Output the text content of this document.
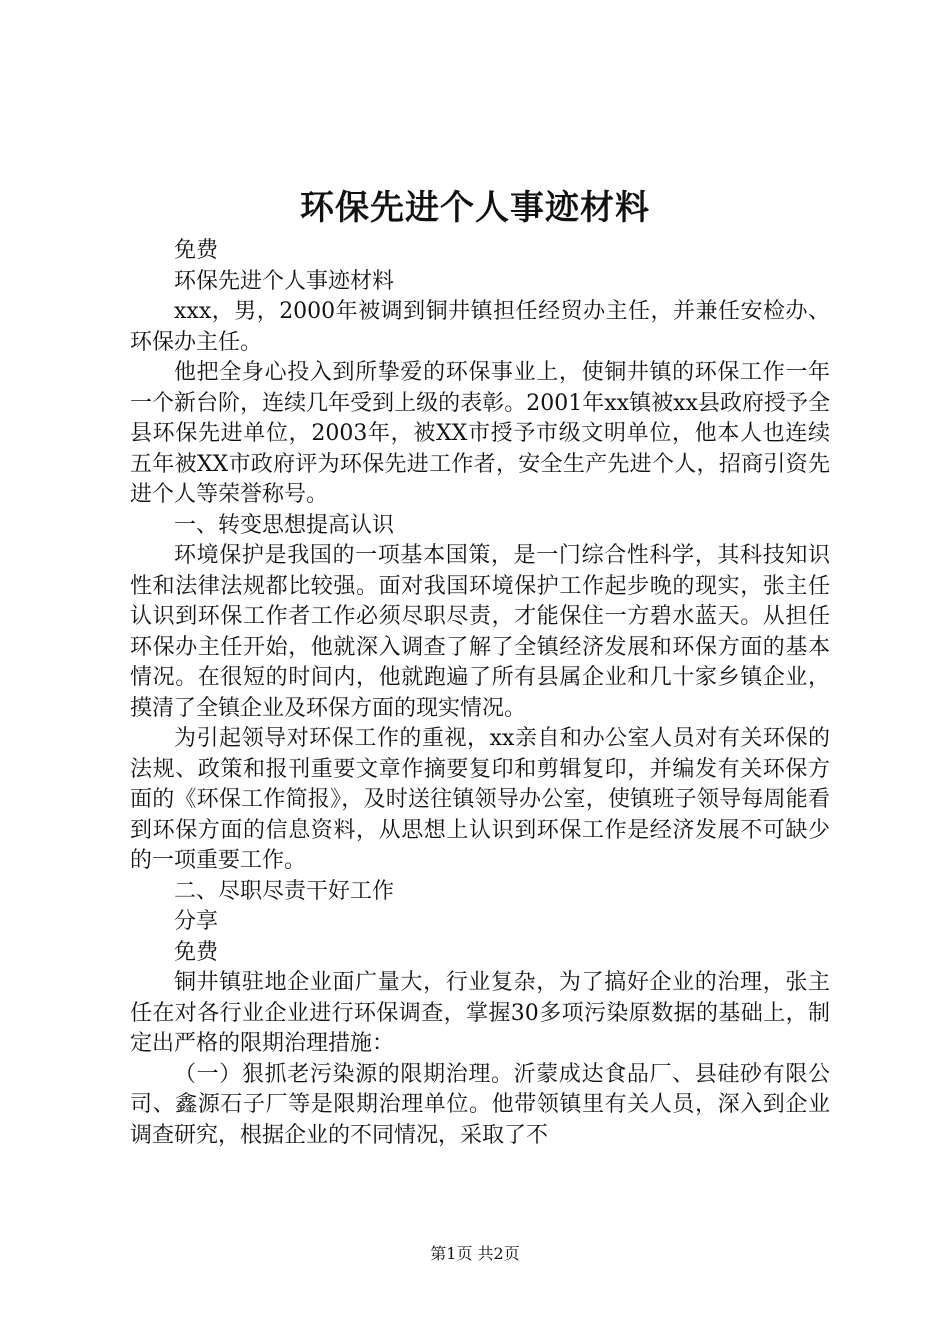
环保先进个人事迹材料

免费

环保先进个人事迹材料

xxx，男，2000年被调到铜井镇担任经贸办主任，并兼任安检办、环保办主任。

他把全身心投入到所挚爱的环保事业上，使铜井镇的环保工作一年一个新台阶，连续几年受到上级的表彰。2001年xx镇被xx县政府授予全县环保先进单位，2003年，被XX市授予市级文明单位，他本人也连续五年被XX市政府评为环保先进工作者，安全生产先进个人，招商引资先进个人等荣誉称号。

一、转变思想提高认识

环境保护是我国的一项基本国策，是一门综合性科学，其科技知识性和法律法规都比较强。面对我国环境保护工作起步晚的现实，张主任认识到环保工作者工作必须尽职尽责，才能保住一方碧水蓝天。从担任环保办主任开始，他就深入调查了解了全镇经济发展和环保方面的基本情况。在很短的时间内，他就跑遍了所有县属企业和几十家乡镇企业，摸清了全镇企业及环保方面的现实情况。

为引起领导对环保工作的重视，xx亲自和办公室人员对有关环保的法规、政策和报刊重要文章作摘要复印和剪辑复印，并编发有关环保方面的《环保工作简报》，及时送往镇领导办公室，使镇班子领导每周能看到环保方面的信息资料，从思想上认识到环保工作是经济发展不可缺少的一项重要工作。

二、尽职尽责干好工作

分享

免费

铜井镇驻地企业面广量大，行业复杂，为了搞好企业的治理，张主任在对各行业企业进行环保调查，掌握30多项污染原数据的基础上，制定出严格的限期治理措施：

（一）狠抓老污染源的限期治理。沂蒙成达食品厂、县硅砂有限公司、鑫源石子厂等是限期治理单位。他带领镇里有关人员，深入到企业调查研究，根据企业的不同情况，采取了不

第1页 共2页
